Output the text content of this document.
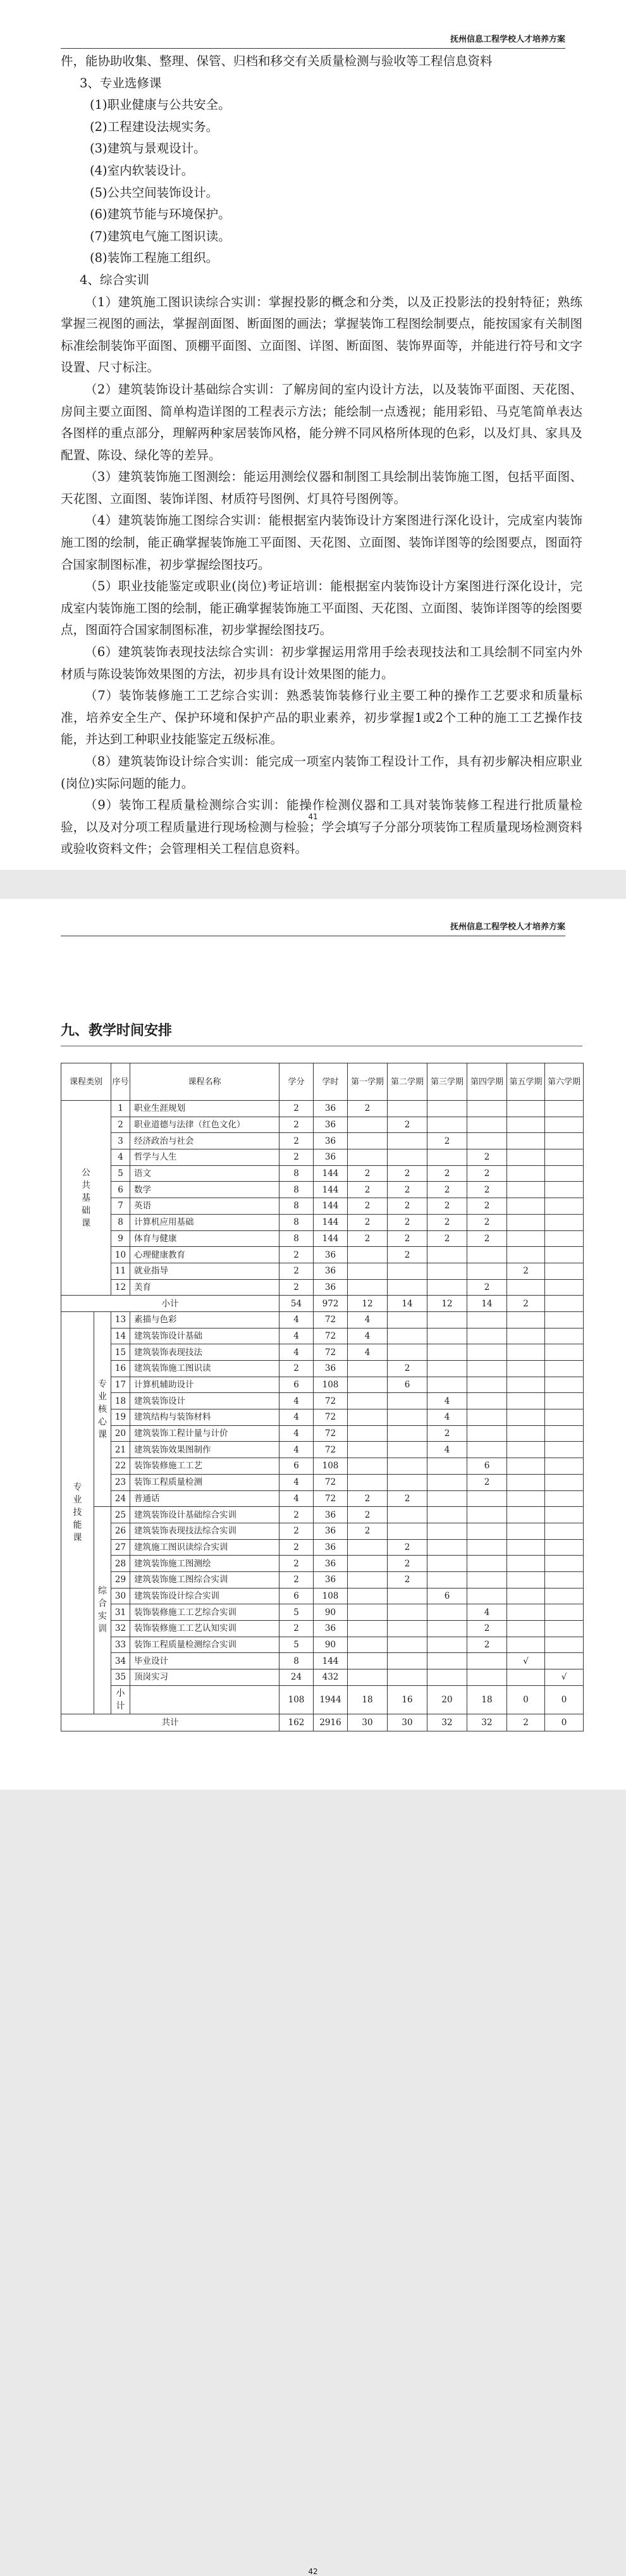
抚州信息工程学校人才培养方案

件，能协助收集、整理、保管、归档和移交有关质量检测与验收等工程信息资料

3、专业选修课

(1)职业健康与公共安全。

(2)工程建设法规实务。

(3)建筑与景观设计。

(4)室内软装设计。

(5)公共空间装饰设计。

(6)建筑节能与环境保护。

(7)建筑电气施工图识读。

(8)装饰工程施工组织。

4、综合实训

（1）建筑施工图识读综合实训：掌握投影的概念和分类，以及正投影法的投射特征；熟练掌握三视图的画法，掌握剖面图、断面图的画法；掌握装饰工程图绘制要点，能按国家有关制图标准绘制装饰平面图、顶棚平面图、立面图、详图、断面图、装饰界面等，并能进行符号和文字设置、尺寸标注。

（2）建筑装饰设计基础综合实训：了解房间的室内设计方法，以及装饰平面图、天花图、房间主要立面图、简单构造详图的工程表示方法；能绘制一点透视；能用彩铅、马克笔简单表达各图样的重点部分，理解两种家居装饰风格，能分辨不同风格所体现的色彩，以及灯具、家具及配置、陈设、绿化等的差异。

（3）建筑装饰施工图测绘：能运用测绘仪器和制图工具绘制出装饰施工图，包括平面图、天花图、立面图、装饰详图、材质符号图例、灯具符号图例等。

（4）建筑装饰施工图综合实训：能根据室内装饰设计方案图进行深化设计，完成室内装饰施工图的绘制，能正确掌握装饰施工平面图、天花图、立面图、装饰详图等的绘图要点，图面符合国家制图标准，初步掌握绘图技巧。

（5）职业技能鉴定或职业(岗位)考证培训：能根据室内装饰设计方案图进行深化设计，完成室内装饰施工图的绘制，能正确掌握装饰施工平面图、天花图、立面图、装饰详图等的绘图要点，图面符合国家制图标准，初步掌握绘图技巧。

（6）建筑装饰表现技法综合实训：初步掌握运用常用手绘表现技法和工具绘制不同室内外材质与陈设装饰效果图的方法，初步具有设计效果图的能力。

（7）装饰装修施工工艺综合实训：熟悉装饰装修行业主要工种的操作工艺要求和质量标准，培养安全生产、保护环境和保护产品的职业素养，初步掌握1或2个工种的施工工艺操作技能，并达到工种职业技能鉴定五级标准。

（8）建筑装饰设计综合实训：能完成一项室内装饰工程设计工作，具有初步解决相应职业(岗位)实际问题的能力。

（9）装饰工程质量检测综合实训：能操作检测仪器和工具对装饰装修工程进行批质量检验，以及对分项工程质量进行现场检测与检验；学会填写子分部分项装饰工程质量现场检测资料或验收资料文件；会管理相关工程信息资料。

41
抚州信息工程学校人才培养方案
42
九、教学时间安排
课程类别		序号	课程名称	学分	学时	第一学期	第二学期	第三学期	第四学期	第五学期	第六学期
公共基础课		1	职业生涯规划	2	36	2					
		2	职业道德与法律（红色文化）	2	36		2				
		3	经济政治与社会	2	36			2			
		4	哲学与人生	2	36				2		
		5	语文	8	144	2	2	2	2		
		6	数学	8	144	2	2	2	2		
		7	英语	8	144	2	2	2	2		
		8	计算机应用基础	8	144	2	2	2	2		
		9	体育与健康	8	144	2	2	2	2		
		10	心理健康教育	2	36		2				
		11	就业指导	2	36					2	
		12	美育	2	36				2		
小计				54	972	12	14	12	14	2	
专业技能课	专业核心课	13	素描与色彩	4	72	4					
		14	建筑装饰设计基础	4	72	4					
		15	建筑装饰表现技法	4	72	4					
		16	建筑装饰施工图识读	2	36		2				
		17	计算机辅助设计	6	108		6				
		18	建筑装饰设计	4	72			4			
		19	建筑结构与装饰材料	4	72			4			
		20	建筑装饰工程计量与计价	4	72			2			
		21	建筑装饰效果图制作	4	72			4			
		22	装饰装修施工工艺	6	108				6		
		23	装饰工程质量检测	4	72				2		
		24	普通话	4	72	2	2				
	综合实训	25	建筑装饰设计基础综合实训	2	36	2					
		26	建筑装饰表现技法综合实训	2	36	2					
		27	建筑施工图识读综合实训	2	36		2				
		28	建筑装饰施工图测绘	2	36		2				
		29	建筑装饰施工图综合实训	2	36		2				
		30	建筑装饰设计综合实训	6	108			6			
		31	装饰装修施工工艺综合实训	5	90				4		
		32	装饰装修施工工艺认知实训	2	36				2		
		33	装饰工程质量检测综合实训	5	90				2		
		34	毕业设计	8	144					√	
		35	顶岗实习	24	432						√
		小计		108	1944	18	16	20	18	0	0
共计				162	2916	30	30	32	32	2	0
